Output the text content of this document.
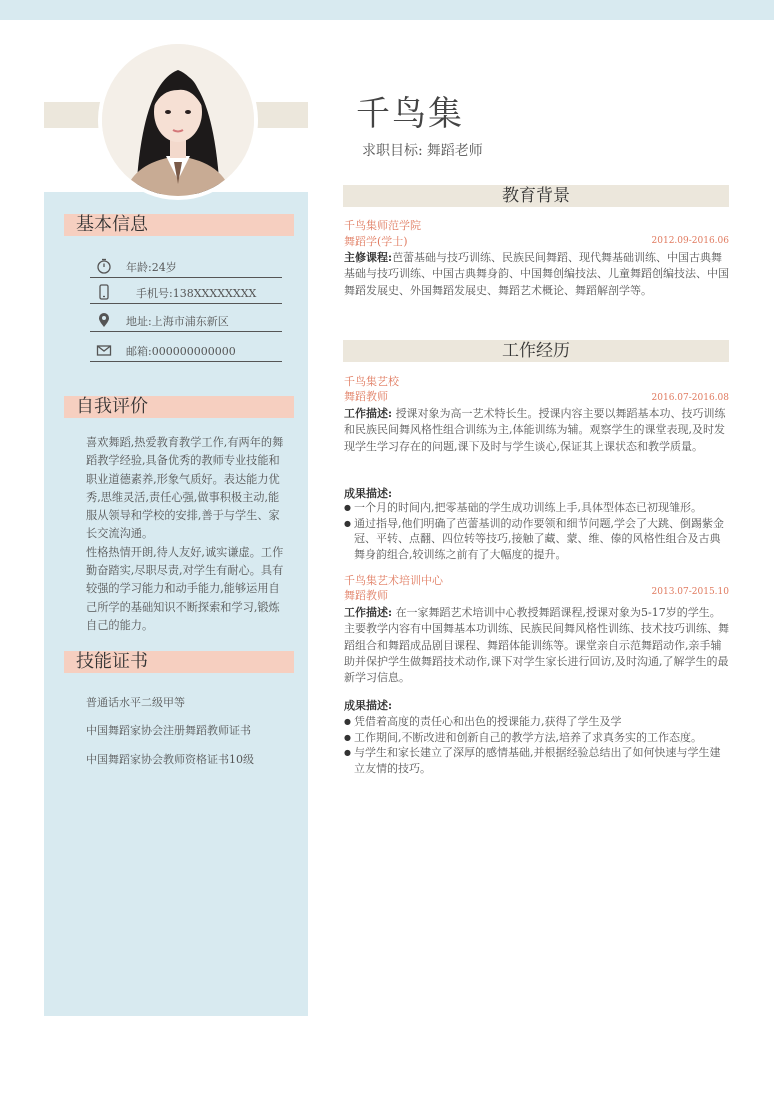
千鸟集
求职目标: 舞蹈老师
基本信息
年龄:24岁
手机号:138XXXXXXXX
地址:上海市浦东新区
邮箱:000000000000
自我评价

喜欢舞蹈,热爱教育教学工作,有两年的舞蹈教学经验,具备优秀的教师专业技能和职业道德素养,形象气质好。表达能力优秀,思维灵活,责任心强,做事积极主动,能服从领导和学校的安排,善于与学生、家长交流沟通。

性格热情开朗,待人友好,诚实谦虚。工作勤奋踏实,尽职尽责,对学生有耐心。具有较强的学习能力和动手能力,能够运用自己所学的基础知识不断探索和学习,锻炼自己的能力。

技能证书
普通话水平二级甲等
中国舞蹈家协会注册舞蹈教师证书
中国舞蹈家协会教师资格证书10级
教育背景
千鸟集师范学院
舞蹈学(学士)	2012.09-2016.06
主修课程:芭蕾基础与技巧训练、民族民间舞蹈、现代舞基础训练、中国古典舞基础与技巧训练、中国古典舞身韵、中国舞创编技法、儿童舞蹈创编技法、中国舞蹈发展史、外国舞蹈发展史、舞蹈艺术概论、舞蹈解剖学等。
工作经历
千鸟集艺校
舞蹈教师	2016.07-2016.08
工作描述: 授课对象为高一艺术特长生。授课内容主要以舞蹈基本功、技巧训练和民族民间舞风格性组合训练为主,体能训练为辅。观察学生的课堂表现,及时发现学生学习存在的问题,课下及时与学生谈心,保证其上课状态和教学质量。
成果描述:
● 一个月的时间内,把零基础的学生成功训练上手,具体型体态已初现雏形。
● 通过指导,他们明确了芭蕾基训的动作要领和细节问题,学会了大跳、倒踢紫金冠、平转、点翻、四位转等技巧,接触了藏、蒙、维、傣的风格性组合及古典舞身韵组合,较训练之前有了大幅度的提升。
千鸟集艺术培训中心
舞蹈教师	2013.07-2015.10
工作描述: 在一家舞蹈艺术培训中心教授舞蹈课程,授课对象为5-17岁的学生。主要教学内容有中国舞基本功训练、民族民间舞风格性训练、技术技巧训练、舞蹈组合和舞蹈成品剧目课程、舞蹈体能训练等。课堂亲自示范舞蹈动作,亲手辅助并保护学生做舞蹈技术动作,课下对学生家长进行回访,及时沟通,了解学生的最新学习信息。
成果描述:
● 凭借着高度的责任心和出色的授课能力,获得了学生及学
● 工作期间,不断改进和创新自己的教学方法,培养了求真务实的工作态度。
● 与学生和家长建立了深厚的感情基础,并根据经验总结出了如何快速与学生建立友情的技巧。
